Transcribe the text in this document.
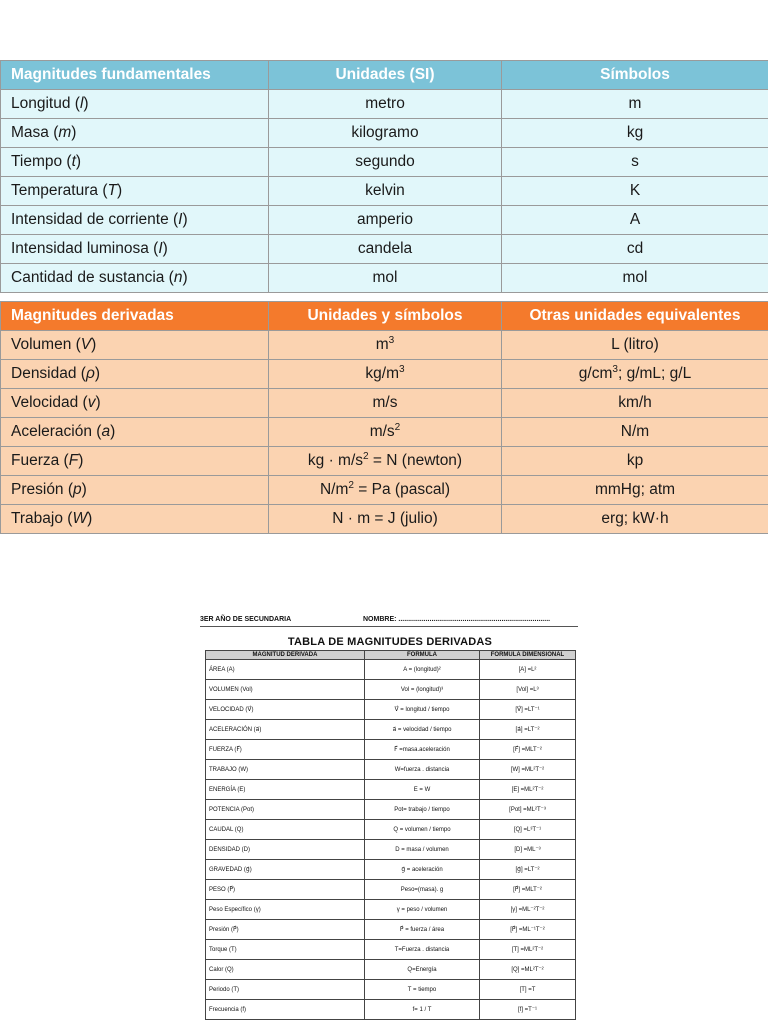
Magnitudes fundamentales	Unidades (SI)	Símbolos
Longitud (l)	metro	m
Masa (m)	kilogramo	kg
Tiempo (t)	segundo	s
Temperatura (T)	kelvin	K
Intensidad de corriente (I)	amperio	A
Intensidad luminosa (I)	candela	cd
Cantidad de sustancia (n)	mol	mol
Magnitudes derivadas	Unidades y símbolos	Otras unidades equivalentes
Volumen (V)	$m^3$	L (litro)
Densidad (ρ)	$kg/m^3$	$g/cm^3$; g/mL; g/L
Velocidad (v)	m/s	km/h
Aceleración (a)	$m/s^2$	N/m
Fuerza (F)	kg · $m/s^2 = N$ (newton)	kp
Presión (p)	$N/m^2 = Pa$ (pascal)	mmHg; atm
Trabajo (W)	N · m = J (julio)	erg; kW·h
3ER AÑO DE SECUNDARIA	NOMBRE: ..............................................................................

TABLA DE MAGNITUDES DERIVADAS
MAGNITUD DERIVADA	FORMULA	FORMULA DIMENSIONAL
ÁREA (A)	A = (longitud)²	[A] =L²
VOLUMEN (Vol)	Vol = (longitud)³	[Vol] =L³
VELOCIDAD (V⃗)	V⃗ = longitud / tiempo	[V⃗] =LT⁻¹
ACELERACIÓN (a⃗)	a⃗ = velocidad / tiempo	[a⃗] =LT⁻²
FUERZA (F⃗)	F⃗ =masa.aceleración	[F⃗] =MLT⁻²
TRABAJO (W)	W=fuerza . distancia	[W] =ML²T⁻²
ENERGÍA (E)	E = W	[E] =ML²T⁻²
POTENCIA (Pot)	Pot= trabajo / tiempo	[Pot] =ML²T⁻³
CAUDAL (Q)	Q = volumen / tiempo	[Q] =L³T⁻¹
DENSIDAD (D)	D = masa / volumen	[D] =ML⁻³
GRAVEDAD (g⃗)	g⃗ = aceleración	[g⃗] =LT⁻²
PESO (P⃗)	Peso=(masa). g	[P⃗] =MLT⁻²
Peso Específico (γ)	γ = peso / volumen	[γ] =ML⁻²T⁻²
Presión (P⃗)	P⃗ = fuerza / área	[P⃗] =ML⁻¹T⁻²
Torque (T)	T=Fuerza . distancia	[T] =ML²T⁻²
Calor (Q)	Q=Energía	[Q] =ML²T⁻²
Periodo (T)	T = tiempo	[T] =T
Frecuencia (f)	f= 1 / T	[f] =T⁻¹
